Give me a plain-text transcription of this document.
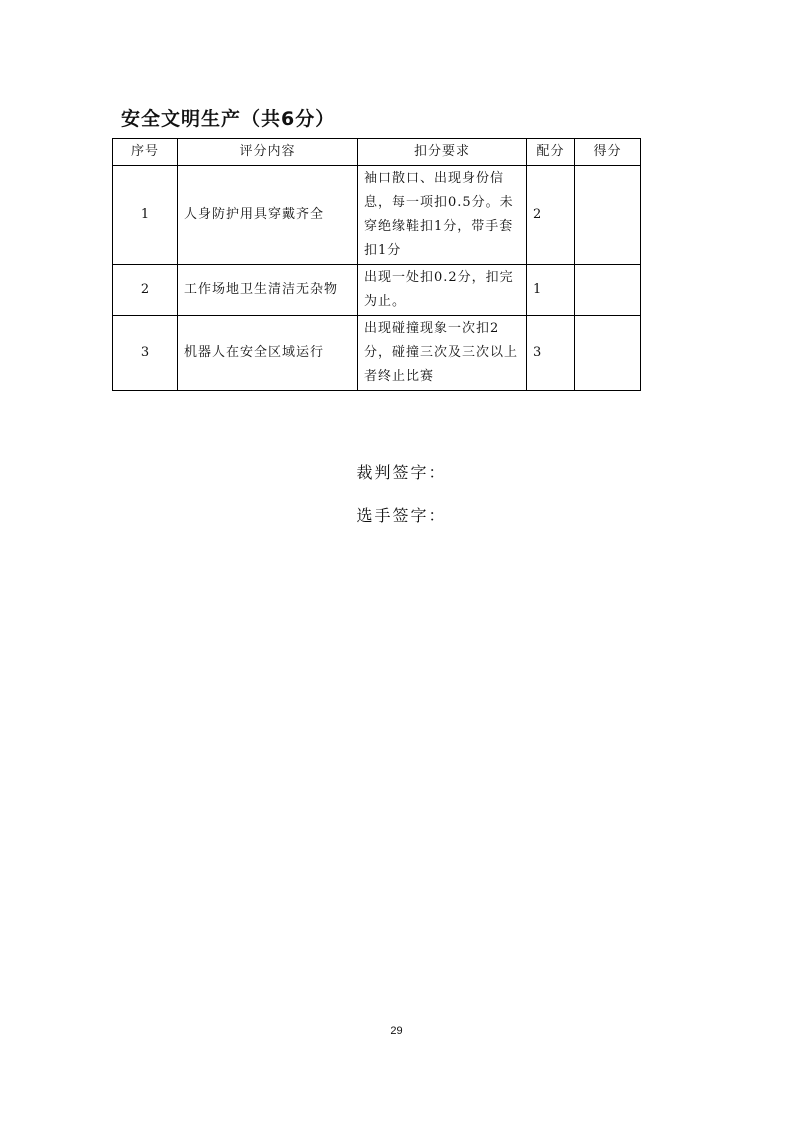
安全文明生产（共6分）
序号	评分内容	扣分要求	配分	得分
1	人身防护用具穿戴齐全	袖口散口、出现身份信息，每一项扣0.5分。未穿绝缘鞋扣1分，带手套扣1分	2	
2	工作场地卫生清洁无杂物	出现一处扣0.2分，扣完为止。	1	
3	机器人在安全区域运行	出现碰撞现象一次扣2分，碰撞三次及三次以上者终止比赛	3	
裁判签字：
选手签字：
29
